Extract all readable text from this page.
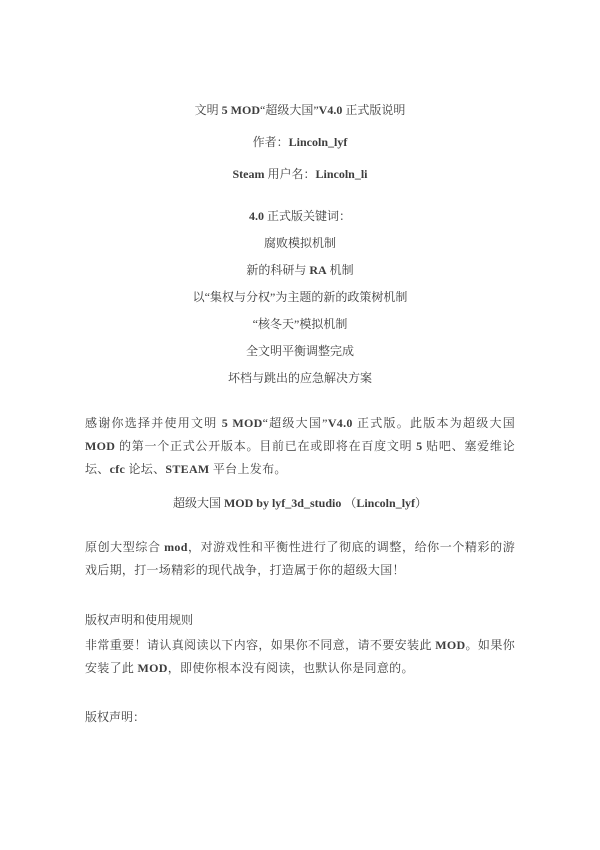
文明 5 MOD“超级大国”V4.0 正式版说明
作者：Lincoln_lyf
Steam 用户名：Lincoln_li
4.0 正式版关键词：
腐败模拟机制
新的科研与 RA 机制
以“集权与分权”为主题的新的政策树机制
“核冬天”模拟机制
全文明平衡调整完成
坏档与跳出的应急解决方案
感谢你选择并使用文明 5 MOD“超级大国”V4.0 正式版。此版本为超级大国 MOD 的第一个正式公开版本。目前已在或即将在百度文明 5 贴吧、塞爱维论坛、cfc 论坛、STEAM 平台上发布。
超级大国 MOD by lyf_3d_studio （Lincoln_lyf）
原创大型综合 mod，对游戏性和平衡性进行了彻底的调整，给你一个精彩的游戏后期，打一场精彩的现代战争，打造属于你的超级大国！
版权声明和使用规则
非常重要！请认真阅读以下内容，如果你不同意，请不要安装此 MOD。如果你安装了此 MOD，即使你根本没有阅读，也默认你是同意的。
版权声明：
